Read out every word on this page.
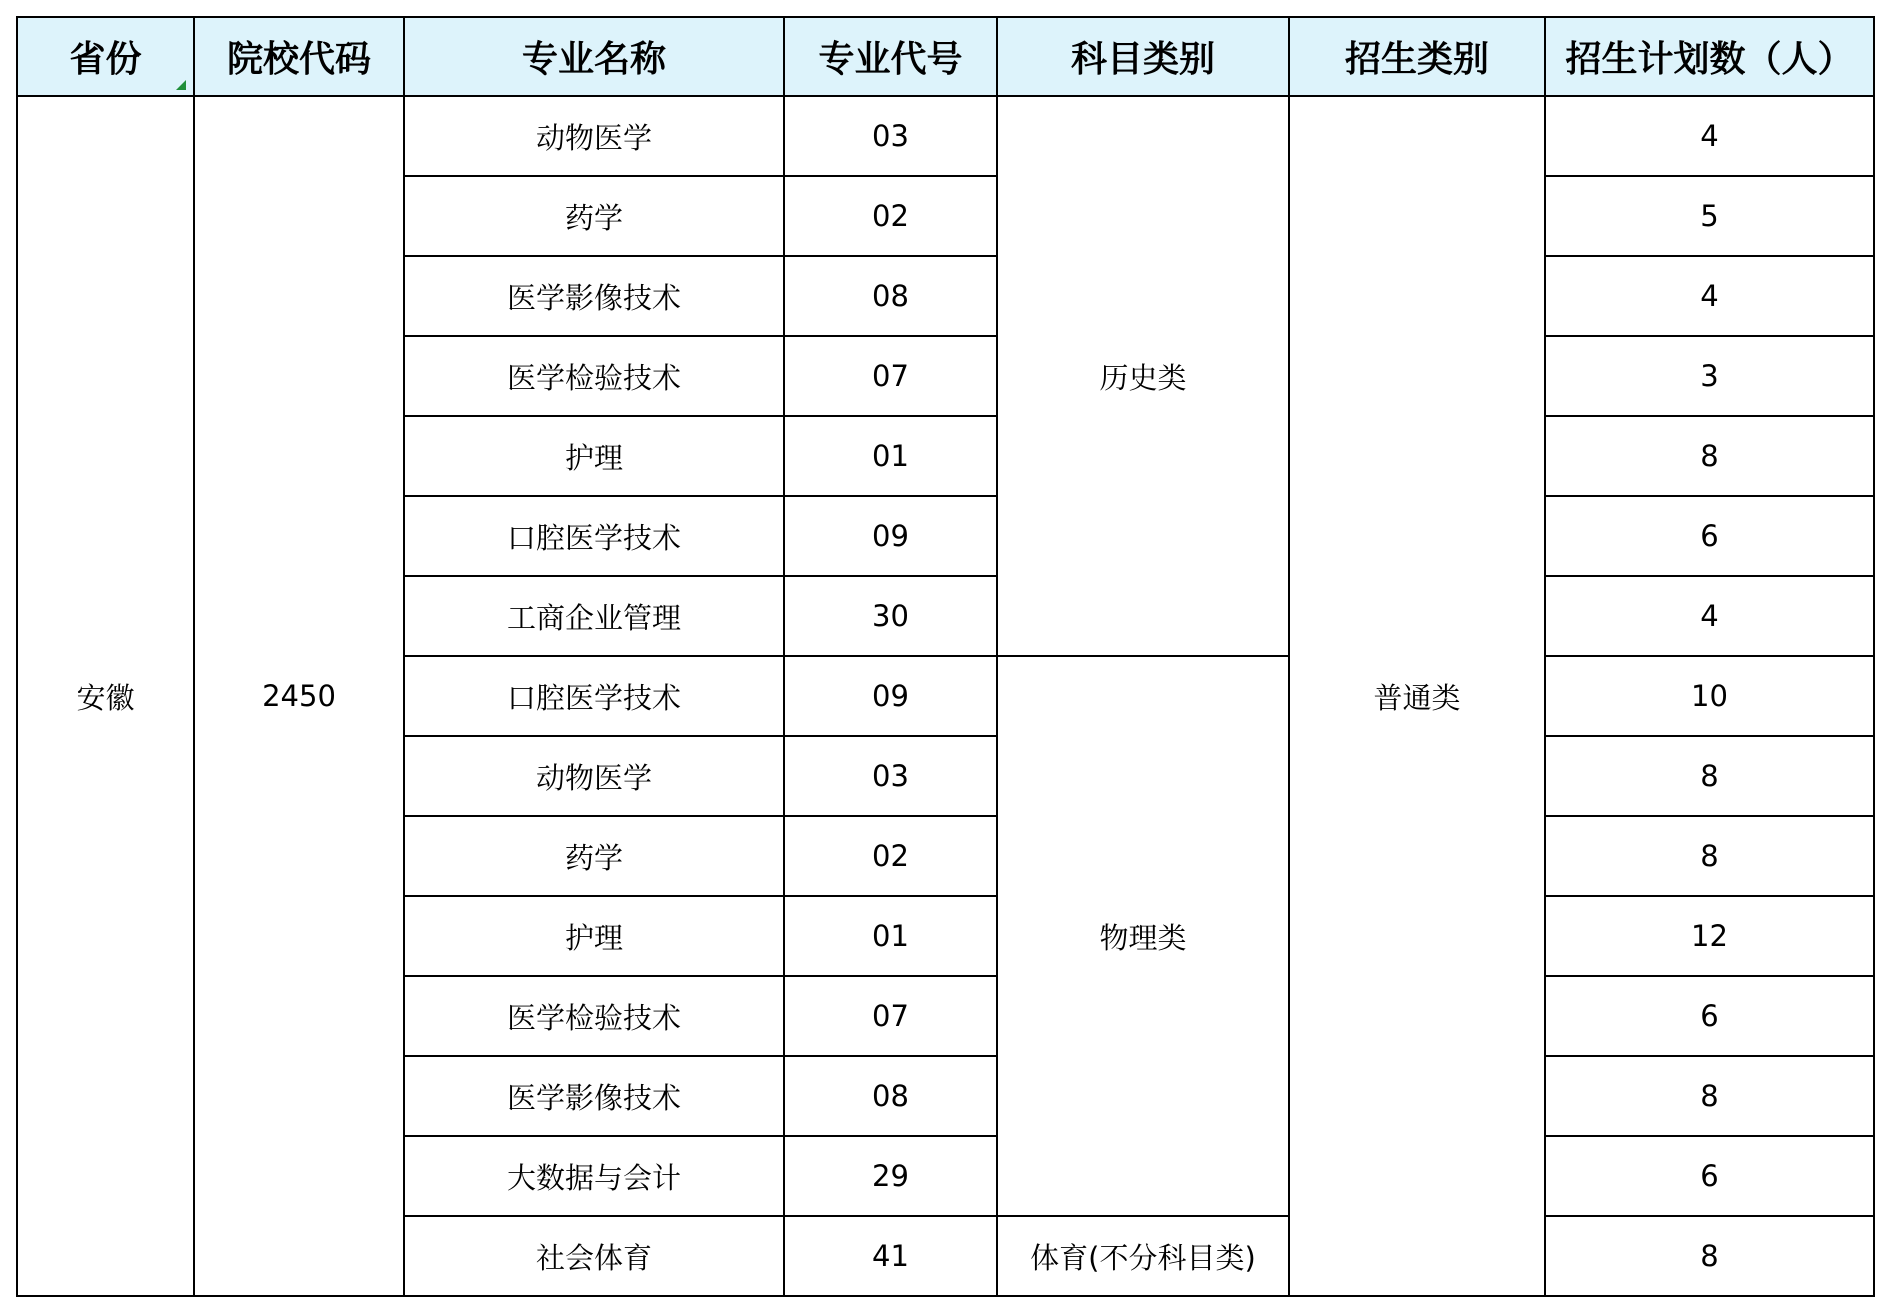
省份	院校代码	专业名称	专业代号	科目类别	招生类别	招生计划数（人）
安徽	2450	动物医学	03	历史类	普通类	4
		药学	02			5
		医学影像技术	08			4
		医学检验技术	07			3
		护理	01			8
		口腔医学技术	09			6
		工商企业管理	30			4
		口腔医学技术	09	物理类		10
		动物医学	03			8
		药学	02			8
		护理	01			12
		医学检验技术	07			6
		医学影像技术	08			8
		大数据与会计	29			6
		社会体育	41	体育(不分科目类)		8
